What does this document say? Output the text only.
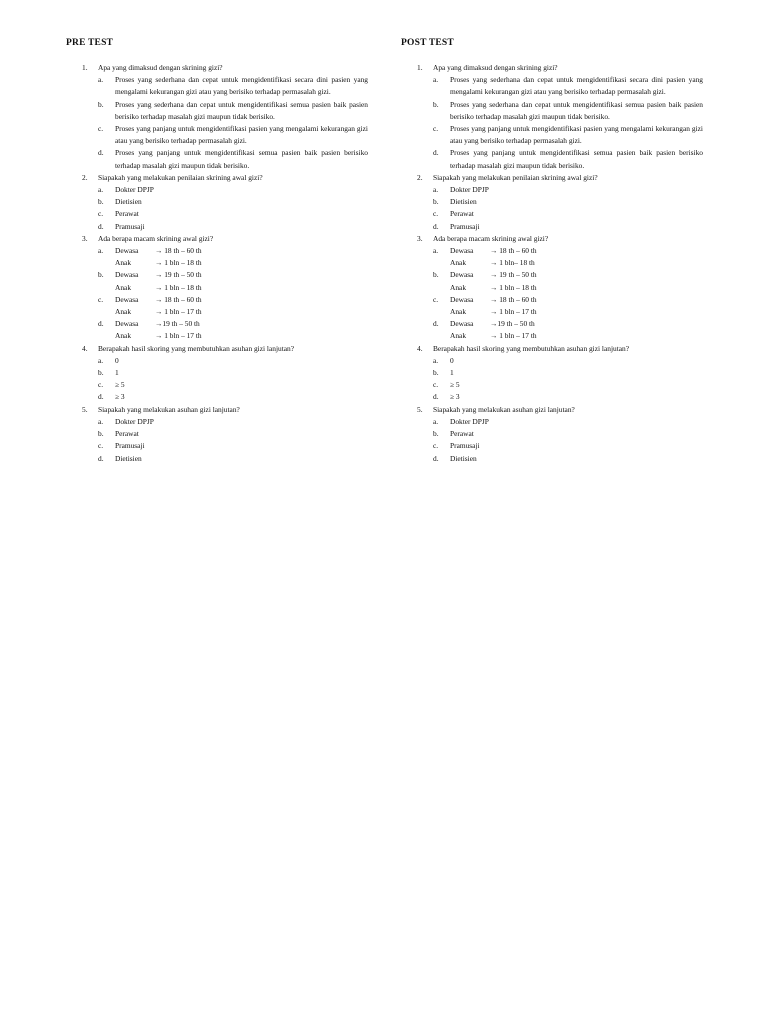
PRE TEST
1. Apa yang dimaksud dengan skrining gizi?
a. Proses yang sederhana dan cepat untuk mengidentifikasi secara dini pasien yang mengalami kekurangan gizi atau yang berisiko terhadap permasalah gizi.
b. Proses yang sederhana dan cepat untuk mengidentifikasi semua pasien baik pasien berisiko terhadap masalah gizi maupun tidak berisiko.
c. Proses yang panjang untuk mengidentifikasi pasien yang mengalami kekurangan gizi atau yang berisiko terhadap permasalah gizi.
d. Proses yang panjang untuk mengidentifikasi semua pasien baik pasien berisiko terhadap masalah gizi maupun tidak berisiko.
2. Siapakah yang melakukan penilaian skrining awal gizi?
a. Dokter DPJP
b. Dietisien
c. Perawat
d. Pramusaji
3. Ada berapa macam skrining awal gizi?
a. Dewasa → 18 th – 60 th
Anak	→ 1 bln – 18 th
b. Dewasa → 19 th – 50 th
Anak	→ 1 bln – 18 th
c. Dewasa → 18 th – 60 th
Anak	→ 1 bln – 17 th
d. Dewasa →19 th – 50 th
Anak	→ 1 bln – 17 th
4. Berapakah hasil skoring yang membutuhkan asuhan gizi lanjutan?
a. 0
b. 1
c. ≥ 5
d. ≥ 3
5. Siapakah yang melakukan asuhan gizi lanjutan?
a. Dokter DPJP
b. Perawat
c. Pramusaji
d. Dietisien
POST TEST
1. Apa yang dimaksud dengan skrining gizi?
a. Proses yang sederhana dan cepat untuk mengidentifikasi secara dini pasien yang mengalami kekurangan gizi atau yang berisiko terhadap permasalah gizi.
b. Proses yang sederhana dan cepat untuk mengidentifikasi semua pasien baik pasien berisiko terhadap masalah gizi maupun tidak berisiko.
c. Proses yang panjang untuk mengidentifikasi pasien yang mengalami kekurangan gizi atau yang berisiko terhadap permasalah gizi.
d. Proses yang panjang untuk mengidentifikasi semua pasien baik pasien berisiko terhadap masalah gizi maupun tidak berisiko.
2. Siapakah yang melakukan penilaian skrining awal gizi?
a. Dokter DPJP
b. Dietisien
c. Perawat
d. Pramusaji
3. Ada berapa macam skrining awal gizi?
a. Dewasa → 18 th – 60 th
Anak	→ 1 bln– 18 th
b. Dewasa → 19 th – 50 th
Anak	→ 1 bln – 18 th
c. Dewasa → 18 th – 60 th
Anak	→ 1 bln – 17 th
d. Dewasa →19 th – 50 th
Anak	→ 1 bln – 17 th
4. Berapakah hasil skoring yang membutuhkan asuhan gizi lanjutan?
a. 0
b. 1
c. ≥ 5
d. ≥ 3
5. Siapakah yang melakukan asuhan gizi lanjutan?
a. Dokter DPJP
b. Perawat
c. Pramusaji
d. Dietisien
